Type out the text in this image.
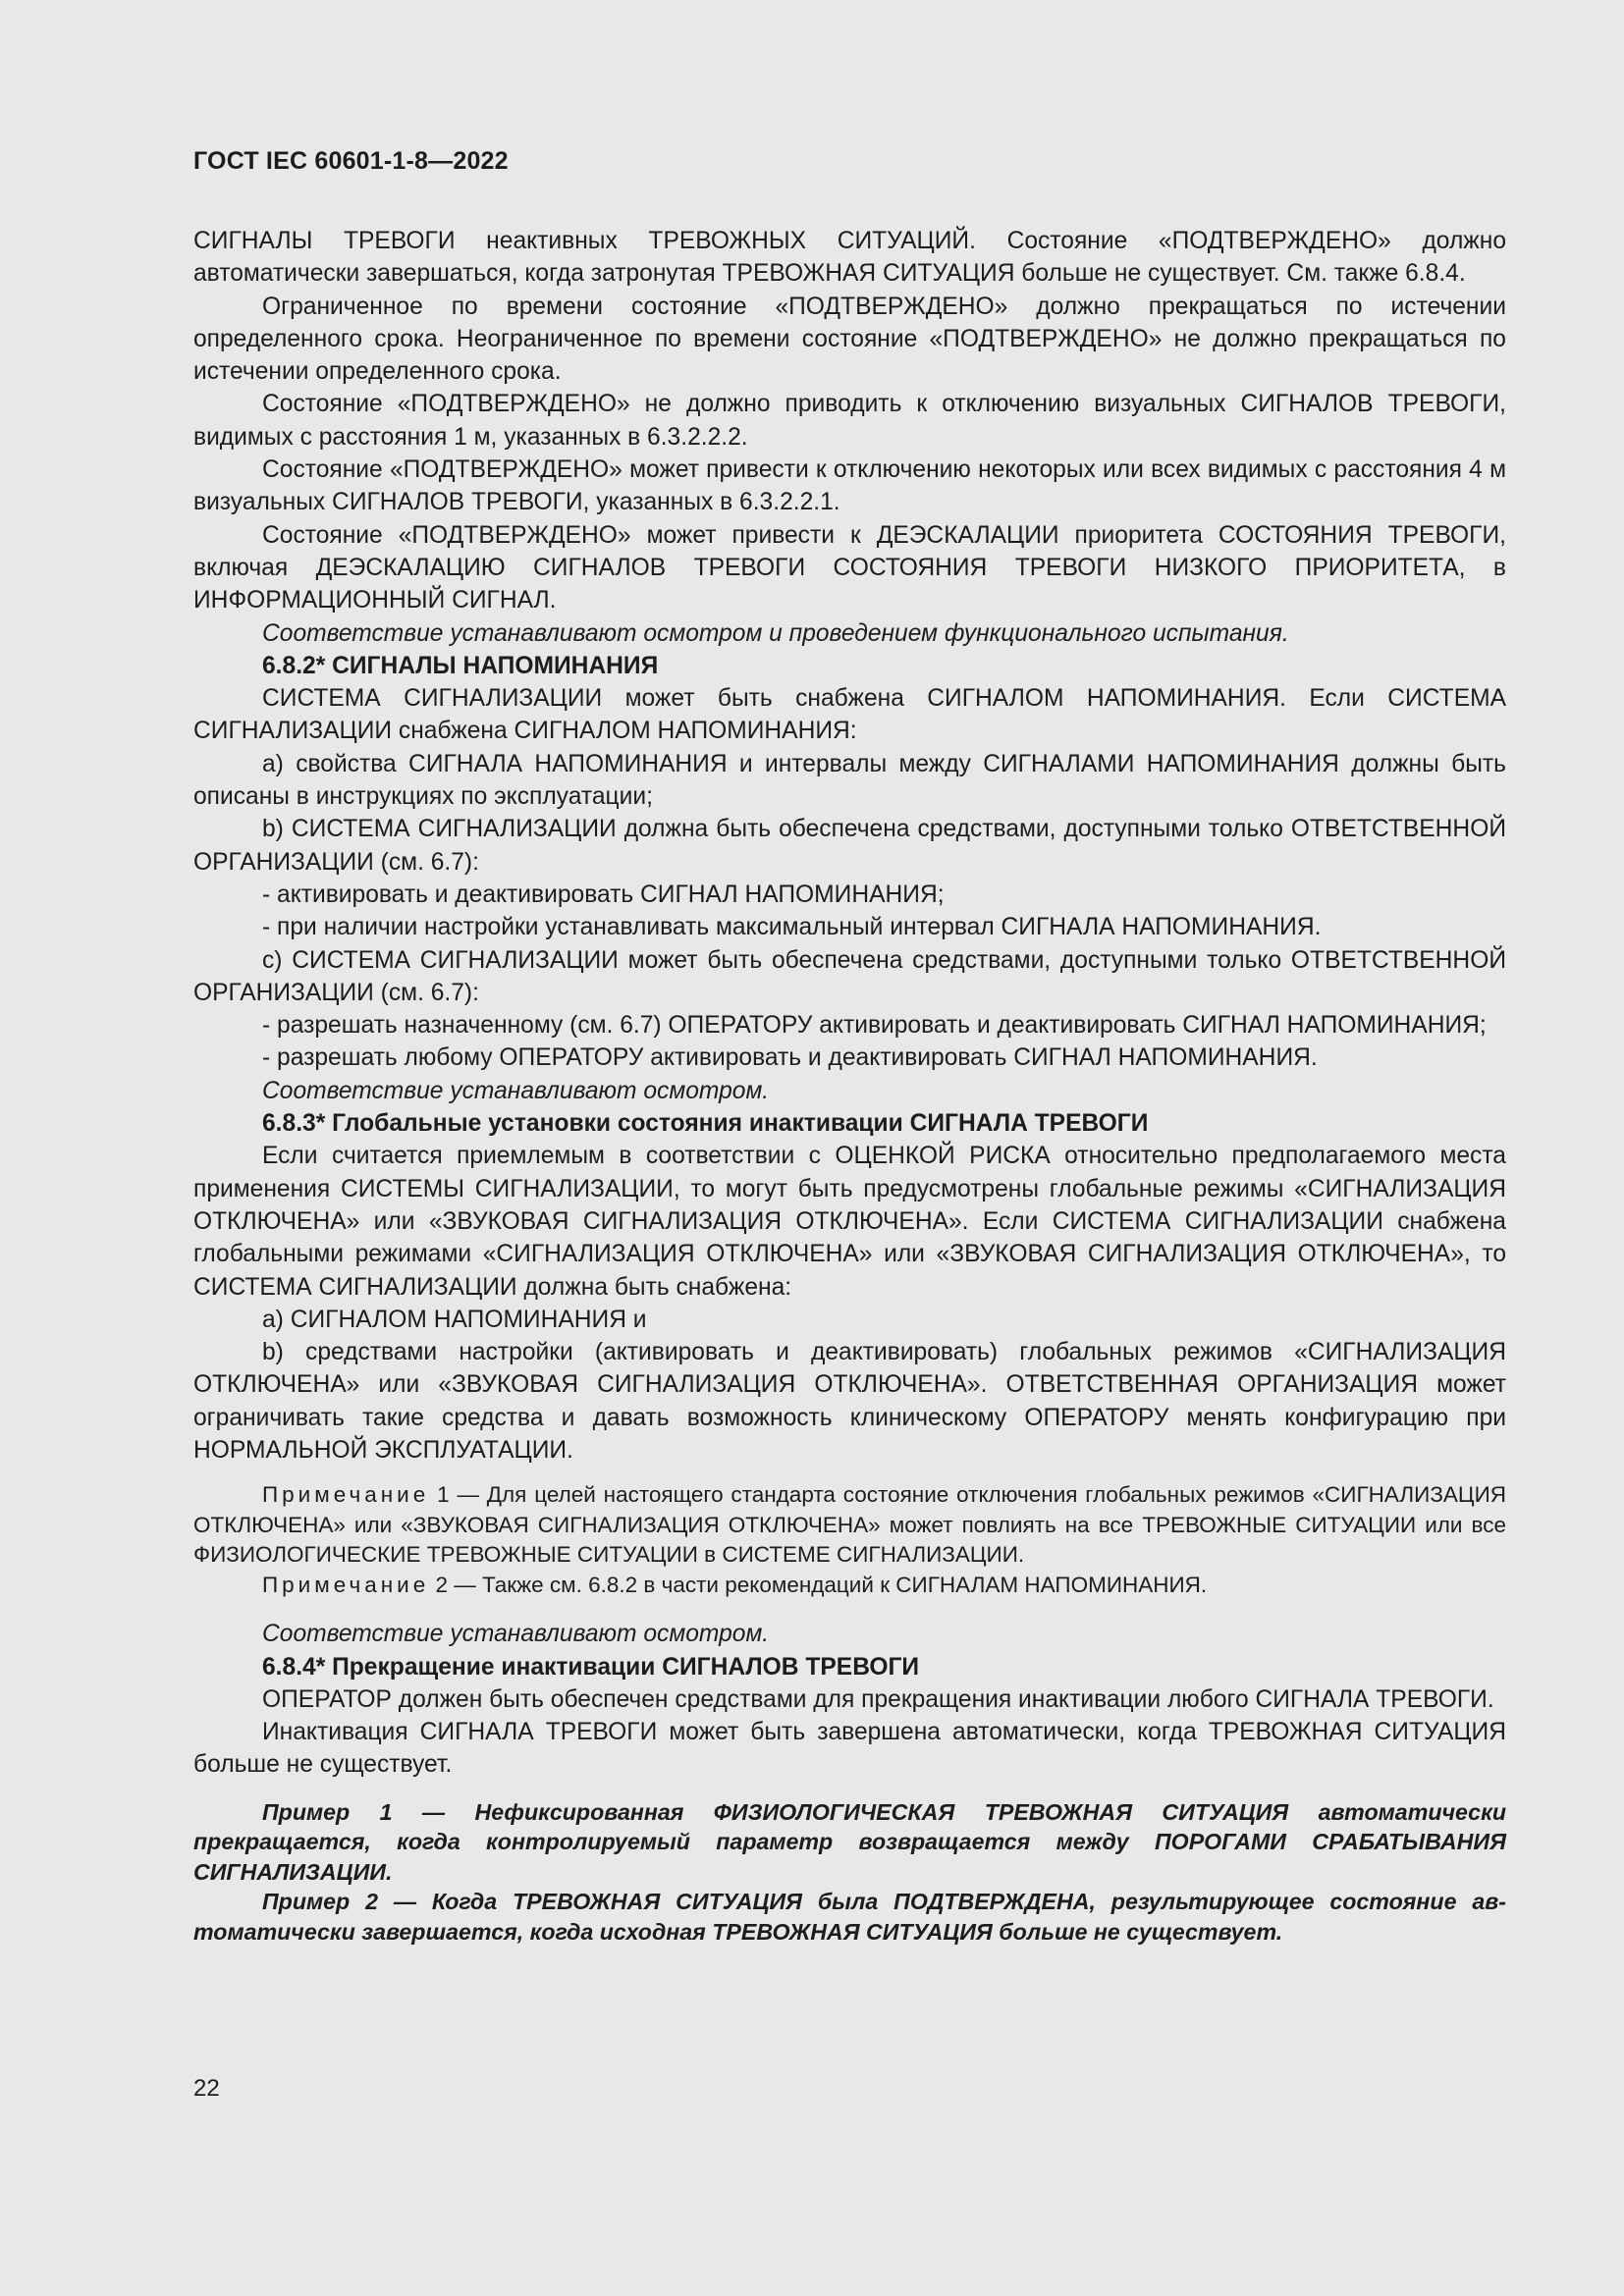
ГОСТ IEC 60601-1-8—2022

СИГНАЛЫ ТРЕВОГИ неактивных ТРЕВОЖНЫХ СИТУАЦИЙ. Состояние «ПОДТВЕРЖДЕНО» должно автоматически завершаться, когда затронутая ТРЕВОЖНАЯ СИТУАЦИЯ больше не существует. См. также 6.8.4.

Ограниченное по времени состояние «ПОДТВЕРЖДЕНО» должно прекращаться по истечении определенного срока. Неограниченное по времени состояние «ПОДТВЕРЖДЕНО» не должно прекращаться по истечении определенного срока.

Состояние «ПОДТВЕРЖДЕНО» не должно приводить к отключению визуальных СИГНАЛОВ ТРЕВОГИ, видимых с расстояния 1 м, указанных в 6.3.2.2.2.

Состояние «ПОДТВЕРЖДЕНО» может привести к отключению некоторых или всех видимых с расстояния 4 м визуальных СИГНАЛОВ ТРЕВОГИ, указанных в 6.3.2.2.1.

Состояние «ПОДТВЕРЖДЕНО» может привести к ДЕЭСКАЛАЦИИ приоритета СОСТОЯНИЯ ТРЕВОГИ, включая ДЕЭСКАЛАЦИЮ СИГНАЛОВ ТРЕВОГИ СОСТОЯНИЯ ТРЕВОГИ НИЗКОГО ПРИОРИТЕТА, в ИНФОРМАЦИОННЫЙ СИГНАЛ.

Соответствие устанавливают осмотром и проведением функционального испытания.

6.8.2* СИГНАЛЫ НАПОМИНАНИЯ

СИСТЕМА СИГНАЛИЗАЦИИ может быть снабжена СИГНАЛОМ НАПОМИНАНИЯ. Если СИСТЕМА СИГНАЛИЗАЦИИ снабжена СИГНАЛОМ НАПОМИНАНИЯ:

a) свойства СИГНАЛА НАПОМИНАНИЯ и интервалы между СИГНАЛАМИ НАПОМИНАНИЯ должны быть описаны в инструкциях по эксплуатации;

b) СИСТЕМА СИГНАЛИЗАЦИИ должна быть обеспечена средствами, доступными только ОТВЕТСТВЕННОЙ ОРГАНИЗАЦИИ (см. 6.7):

- активировать и деактивировать СИГНАЛ НАПОМИНАНИЯ;

- при наличии настройки устанавливать максимальный интервал СИГНАЛА НАПОМИНАНИЯ.

c) СИСТЕМА СИГНАЛИЗАЦИИ может быть обеспечена средствами, доступными только ОТВЕТСТВЕННОЙ ОРГАНИЗАЦИИ (см. 6.7):

- разрешать назначенному (см. 6.7) ОПЕРАТОРУ активировать и деактивировать СИГНАЛ НАПОМИНАНИЯ;

- разрешать любому ОПЕРАТОРУ активировать и деактивировать СИГНАЛ НАПОМИНАНИЯ.

Соответствие устанавливают осмотром.

6.8.3* Глобальные установки состояния инактивации СИГНАЛА ТРЕВОГИ

Если считается приемлемым в соответствии с ОЦЕНКОЙ РИСКА относительно предполагаемого места применения СИСТЕМЫ СИГНАЛИЗАЦИИ, то могут быть предусмотрены глобальные режимы «СИГНАЛИЗАЦИЯ ОТКЛЮЧЕНА» или «ЗВУКОВАЯ СИГНАЛИЗАЦИЯ ОТКЛЮЧЕНА». Если СИСТЕМА СИГНАЛИЗАЦИИ снабжена глобальными режимами «СИГНАЛИЗАЦИЯ ОТКЛЮЧЕНА» или «ЗВУКОВАЯ СИГНАЛИЗАЦИЯ ОТКЛЮЧЕНА», то СИСТЕМА СИГНАЛИЗАЦИИ должна быть снабжена:

a) СИГНАЛОМ НАПОМИНАНИЯ и

b) средствами настройки (активировать и деактивировать) глобальных режимов «СИГНАЛИЗАЦИЯ ОТКЛЮЧЕНА» или «ЗВУКОВАЯ СИГНАЛИЗАЦИЯ ОТКЛЮЧЕНА». ОТВЕТСТВЕННАЯ ОРГАНИЗАЦИЯ может ограничивать такие средства и давать возможность клиническому ОПЕРАТОРУ менять конфигурацию при НОРМАЛЬНОЙ ЭКСПЛУАТАЦИИ.

Примечание 1 — Для целей настоящего стандарта состояние отключения глобальных режимов «СИГНАЛИЗАЦИЯ ОТКЛЮЧЕНА» или «ЗВУКОВАЯ СИГНАЛИЗАЦИЯ ОТКЛЮЧЕНА» может повлиять на все ТРЕВОЖНЫЕ СИТУАЦИИ или все ФИЗИОЛОГИЧЕСКИЕ ТРЕВОЖНЫЕ СИТУАЦИИ в СИСТЕМЕ СИГНАЛИЗАЦИИ.

Примечание 2 — Также см. 6.8.2 в части рекомендаций к СИГНАЛАМ НАПОМИНАНИЯ.

Соответствие устанавливают осмотром.

6.8.4* Прекращение инактивации СИГНАЛОВ ТРЕВОГИ

ОПЕРАТОР должен быть обеспечен средствами для прекращения инактивации любого СИГНАЛА ТРЕВОГИ.

Инактивация СИГНАЛА ТРЕВОГИ может быть завершена автоматически, когда ТРЕВОЖНАЯ СИТУАЦИЯ больше не существует.

Пример 1 — Нефиксированная ФИЗИОЛОГИЧЕСКАЯ ТРЕВОЖНАЯ СИТУАЦИЯ автоматически прекращается, когда контролируемый параметр возвращается между ПОРОГАМИ СРАБАТЫВАНИЯ СИГНАЛИЗАЦИИ.

Пример 2 — Когда ТРЕВОЖНАЯ СИТУАЦИЯ была ПОДТВЕРЖДЕНА, результирующее состояние автоматически завершается, когда исходная ТРЕВОЖНАЯ СИТУАЦИЯ больше не существует.

22
